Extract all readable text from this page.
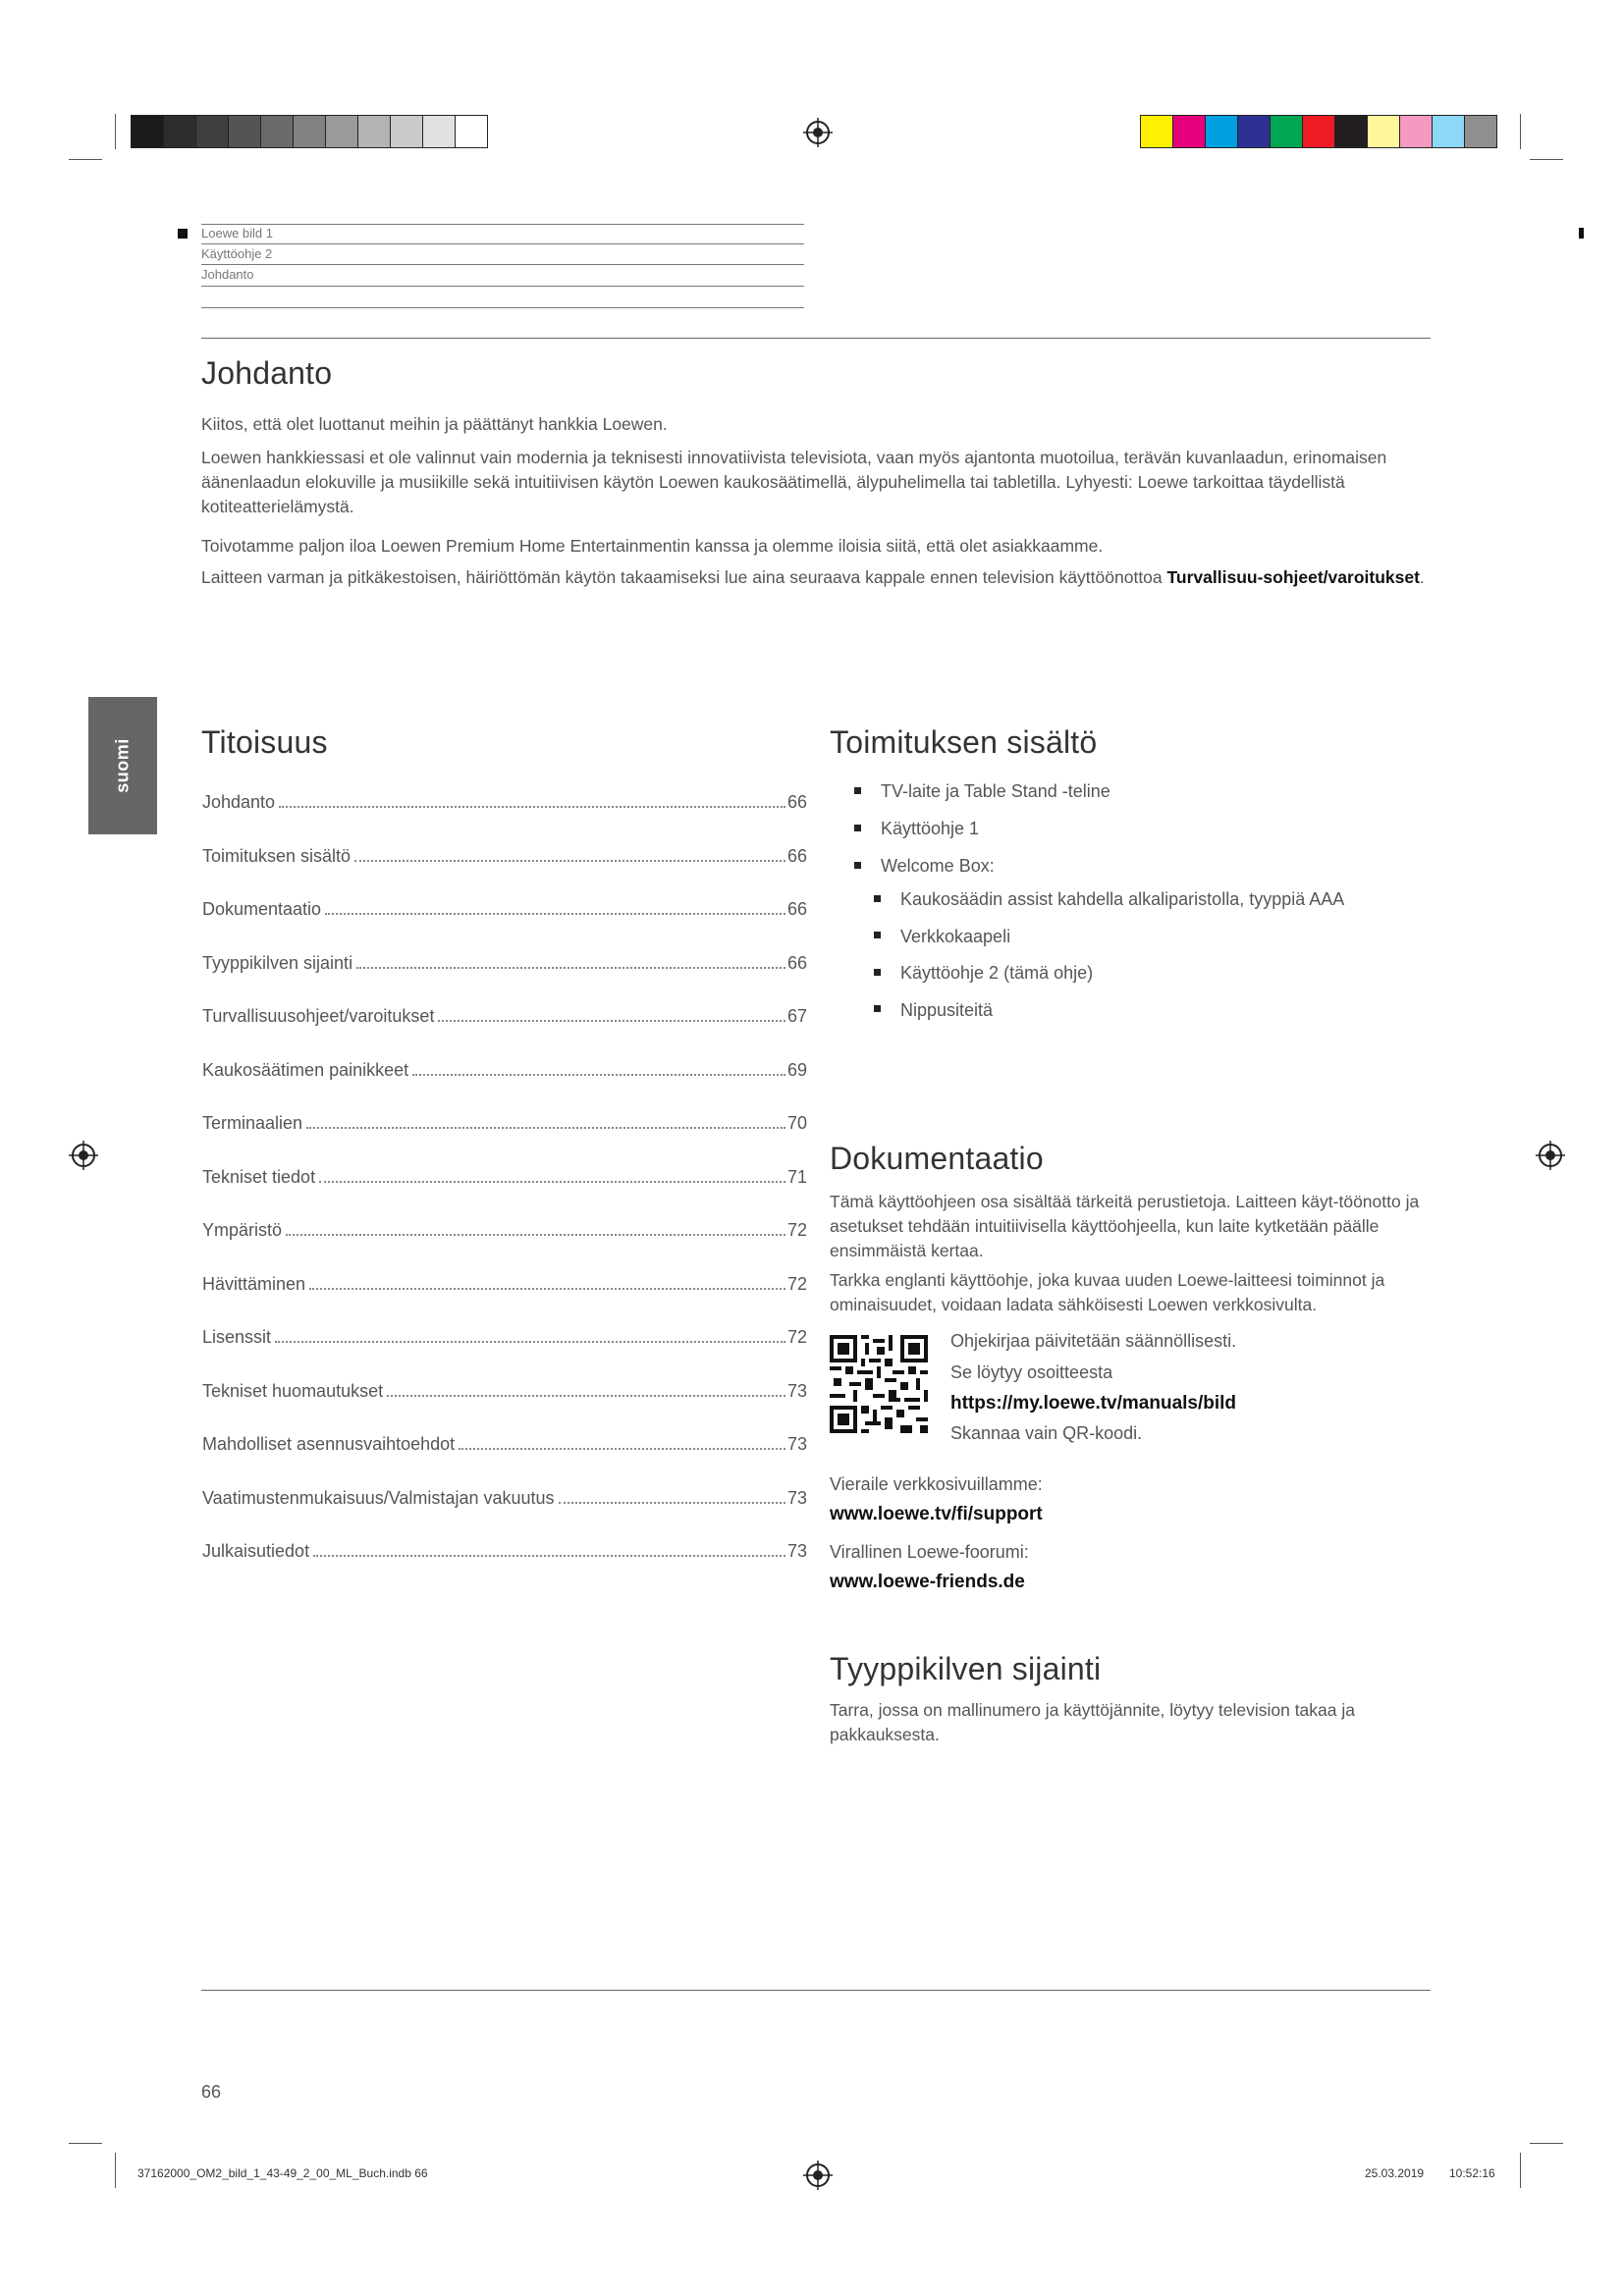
Loewe bild 1
Käyttöohje 2
Johdanto
Johdanto
Kiitos, että olet luottanut meihin ja päättänyt hankkia Loewen.
Loewen hankkiessasi et ole valinnut vain modernia ja teknisesti innovatiivista televisiota, vaan myös ajantonta muotoilua, terävän kuvanlaadun, erinomaisen äänenlaadun elokuville ja musiikille sekä intuitiivisen käytön Loewen kaukosäätimellä, älypuhelimella tai tabletilla. Lyhyesti: Loewe tarkoittaa täydellistä kotiteatterielämystä.
Toivotamme paljon iloa Loewen Premium Home Entertainmentin kanssa ja olemme iloisia siitä, että olet asiakkaamme.
Laitteen varman ja pitkäkestoisen, häiriöttömän käytön takaamiseksi lue aina seuraava kappale ennen television käyttöönottoa Turvallisuu-sohjeet/varoitukset.
suomi Titoisuus
Johdanto	66
Toimituksen sisältö	66
Dokumentaatio	66
Tyyppikilven sijainti	66
Turvallisuusohjeet/varoitukset	67
Kaukosäätimen painikkeet	69
Terminaalien	70
Tekniset tiedot	71
Ympäristö	72
Hävittäminen	72
Lisenssit	72
Tekniset huomautukset	73
Mahdolliset asennusvaihtoehdot	73
Vaatimustenmukaisuus/Valmistajan vakuutus	73
Julkaisutiedot	73
Toimituksen sisältö
TV-laite ja Table Stand -teline
Käyttöohje 1
Welcome Box:
Kaukosäädin assist kahdella alkaliparistolla, tyyppiä AAA
Verkkokaapeli
Käyttöohje 2 (tämä ohje)
Nippusiteitä
Dokumentaatio
Tämä käyttöohjeen osa sisältää tärkeitä perustietoja. Laitteen käyt-töönotto ja asetukset tehdään intuitiivisella käyttöohjeella, kun laite kytketään päälle ensimmäistä kertaa.
Tarkka englanti käyttöohje, joka kuvaa uuden Loewe-laitteesi toiminnot ja ominaisuudet, voidaan ladata sähköisesti Loewen verkkosivulta.
Ohjekirjaa päivitetään säännöllisesti.
Se löytyy osoitteesta
https://my.loewe.tv/manuals/bild
Skannaa vain QR-koodi.
Vieraile verkkosivuillamme:
www.loewe.tv/fi/support
Virallinen Loewe-foorumi:
www.loewe-friends.de
Tyyppikilven sijainti
Tarra, jossa on mallinumero ja käyttöjännite, löytyy television takaa ja pakkauksesta.
66
37162000_OM2_bild_1_43-49_2_00_ML_Buch.indb 66	25.03.2019 10:52:16
